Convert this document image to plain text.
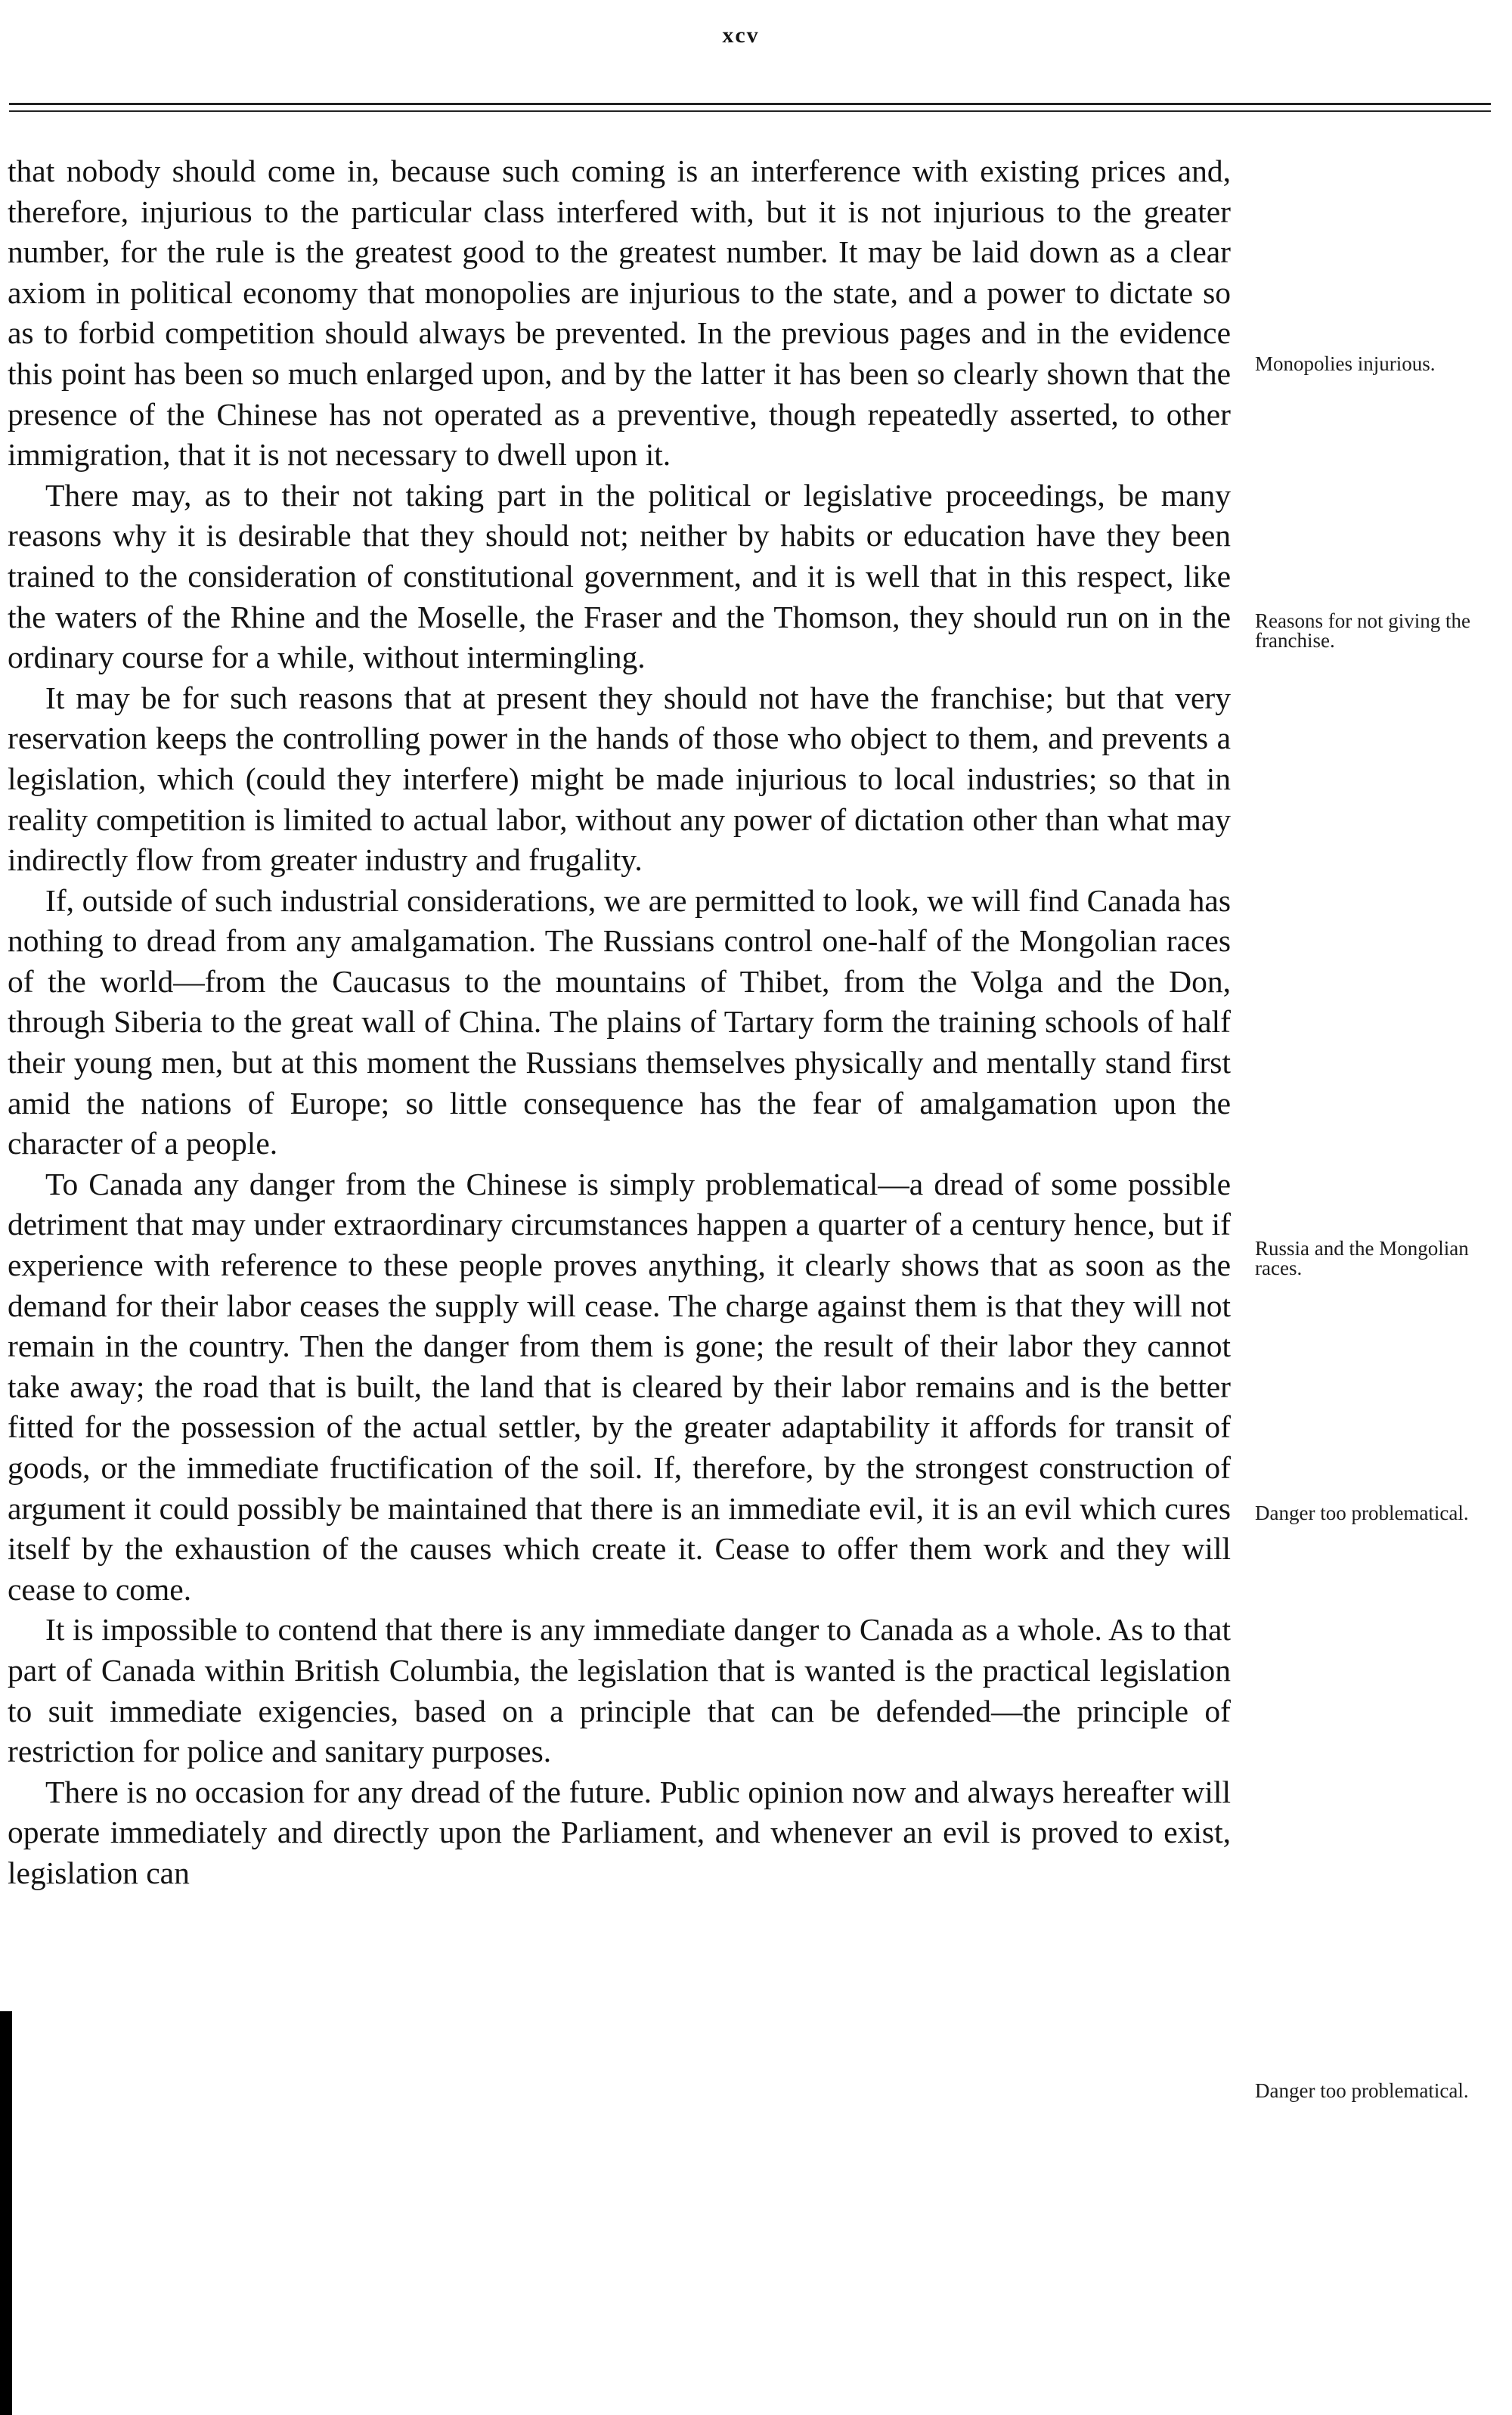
xcv

that nobody should come in, because such coming is an interference with existing prices and, therefore, injurious to the particular class interfered with, but it is not injurious to the greater number, for the rule is the greatest good to the greatest number. It may be laid down as a clear axiom in political economy that monopolies are injurious to the state, and a power to dictate so as to forbid competition should always be prevented. In the previous pages and in the evidence this point has been so much enlarged upon, and by the latter it has been so clearly shown that the presence of the Chinese has not operated as a preventive, though repeatedly asserted, to other immigration, that it is not necessary to dwell upon it.

There may, as to their not taking part in the political or legislative proceedings, be many reasons why it is desirable that they should not; neither by habits or education have they been trained to the consideration of constitutional government, and it is well that in this respect, like the waters of the Rhine and the Moselle, the Fraser and the Thomson, they should run on in the ordinary course for a while, without intermingling.

It may be for such reasons that at present they should not have the franchise; but that very reservation keeps the controlling power in the hands of those who object to them, and prevents a legislation, which (could they interfere) might be made injurious to local industries; so that in reality competition is limited to actual labor, without any power of dictation other than what may indirectly flow from greater industry and frugality.

If, outside of such industrial considerations, we are permitted to look, we will find Canada has nothing to dread from any amalgamation. The Russians control one-half of the Mongolian races of the world—from the Caucasus to the mountains of Thibet, from the Volga and the Don, through Siberia to the great wall of China. The plains of Tartary form the training schools of half their young men, but at this moment the Russians themselves physically and mentally stand first amid the nations of Europe; so little consequence has the fear of amalgamation upon the character of a people.

To Canada any danger from the Chinese is simply problematical—a dread of some possible detriment that may under extraordinary circumstances happen a quarter of a century hence, but if experience with reference to these people proves anything, it clearly shows that as soon as the demand for their labor ceases the supply will cease. The charge against them is that they will not remain in the country. Then the danger from them is gone; the result of their labor they cannot take away; the road that is built, the land that is cleared by their labor remains and is the better fitted for the possession of the actual settler, by the greater adaptability it affords for transit of goods, or the immediate fructification of the soil. If, therefore, by the strongest construction of argument it could possibly be maintained that there is an immediate evil, it is an evil which cures itself by the exhaustion of the causes which create it. Cease to offer them work and they will cease to come.

It is impossible to contend that there is any immediate danger to Canada as a whole. As to that part of Canada within British Columbia, the legislation that is wanted is the practical legislation to suit immediate exigencies, based on a principle that can be defended—the principle of restriction for police and sanitary purposes.

There is no occasion for any dread of the future. Public opinion now and always hereafter will operate immediately and directly upon the Parliament, and whenever an evil is proved to exist, legislation can

Monopolies injurious.
Reasons for not giving the franchise.
Russia and the Mongolian races.
Danger too problematical.
Danger too problematical.
